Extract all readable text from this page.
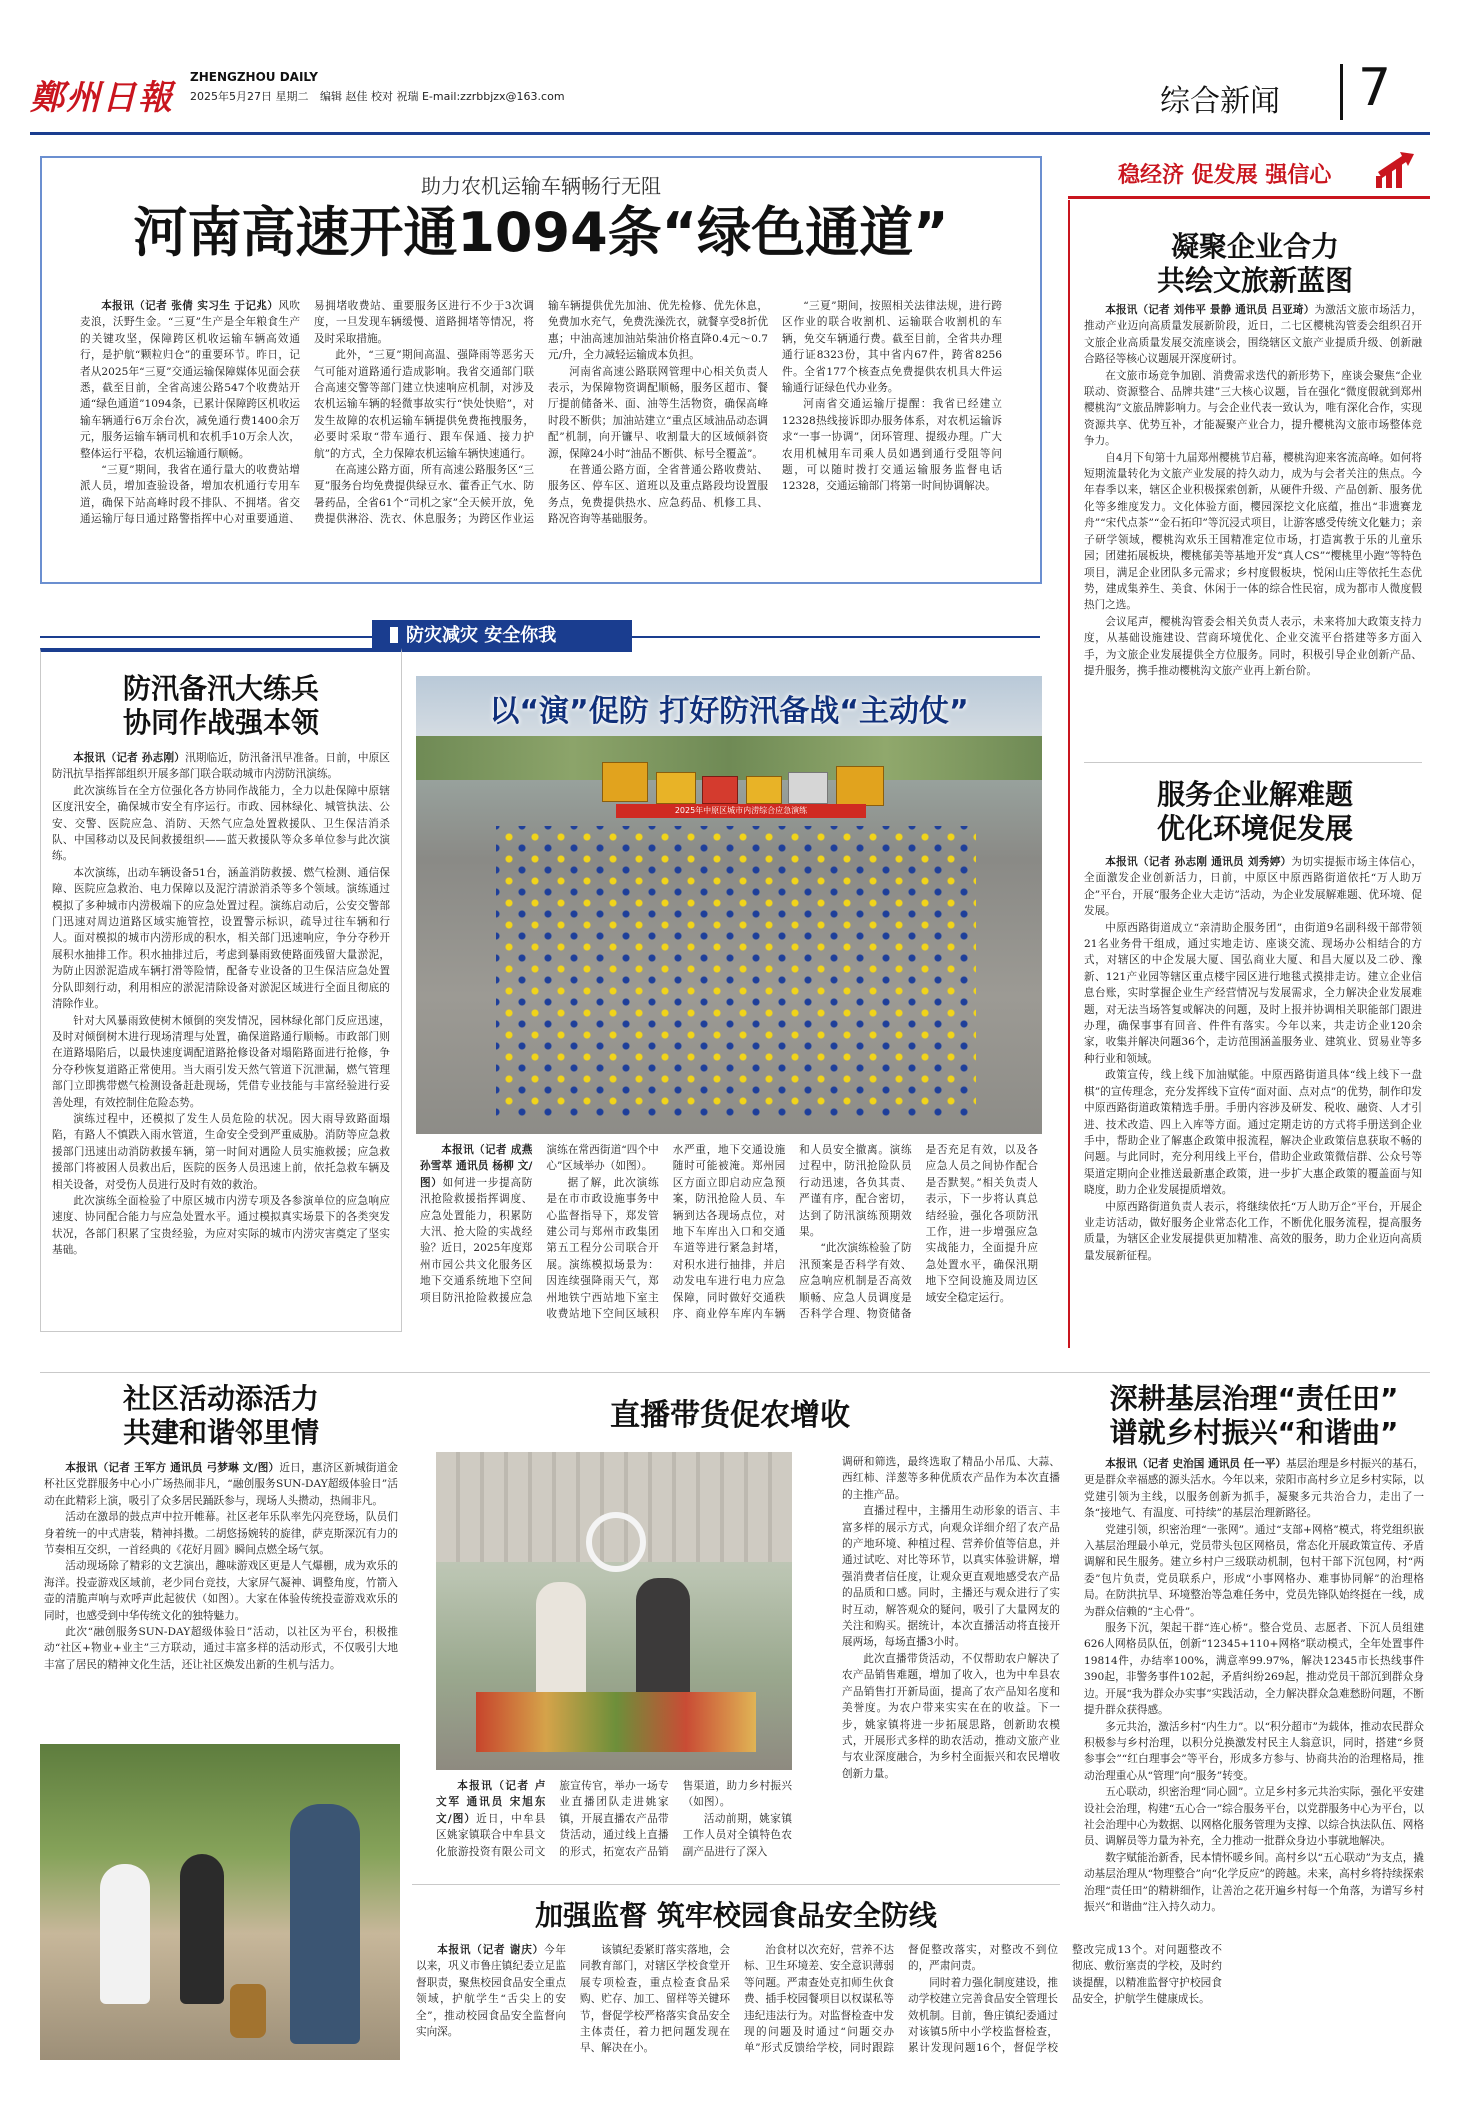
鄭州日報
ZHENGZHOU DAILY
2025年5月27日 星期二 编辑 赵佳 校对 祝瑞 E-mail:zzrbbjzx@163.com	综合新闻 7
助力农机运输车辆畅行无阻
河南高速开通1094条“绿色通道”

本报讯（记者 张倩 实习生 于记兆）风吹麦浪，沃野生金。“三夏”生产是全年粮食生产的关键攻坚，保障跨区机收运输车辆高效通行，是护航“颗粒归仓”的重要环节。昨日，记者从2025年“三夏”交通运输保障媒体见面会获悉，截至目前，全省高速公路547个收费站开通“绿色通道”1094条，已累计保障跨区机收运输车辆通行6万余台次，减免通行费1400余万元，服务运输车辆司机和农机手10万余人次，整体运行平稳，农机运输通行顺畅。

“三夏”期间，我省在通行量大的收费站增派人员，增加查验设备，增加农机通行专用车道，确保下站高峰时段不排队、不拥堵。省交通运输厅每日通过路警指挥中心对重要通道、易拥堵收费站、重要服务区进行不少于3次调度，一旦发现车辆缓慢、道路拥堵等情况，将及时采取措施。

此外，“三夏”期间高温、强降雨等恶劣天气可能对道路通行造成影响。我省交通部门联合高速交警等部门建立快速响应机制，对涉及农机运输车辆的轻微事故实行“快处快赔”，对发生故障的农机运输车辆提供免费拖拽服务，必要时采取“带车通行、跟车保通、接力护航”的方式，全力保障农机运输车辆快速通行。

在高速公路方面，所有高速公路服务区“三夏”服务台均免费提供绿豆水、藿香正气水、防暑药品，全省61个“司机之家”全天候开放，免费提供淋浴、洗衣、休息服务；为跨区作业运输车辆提供优先加油、优先检修、优先休息，免费加水充气，免费洗澡洗衣，就餐享受8折优惠；中油高速加油站柴油价格直降0.4元～0.7元/升，全力减轻运输成本负担。

河南省高速公路联网管理中心相关负责人表示，为保障物资调配顺畅，服务区超市、餐厅提前储备米、面、油等生活物资，确保高峰时段不断供；加油站建立“重点区域油品动态调配”机制，向开镰早、收割量大的区域倾斜资源，保障24小时“油品不断供、标号全覆盖”。

在普通公路方面，全省普通公路收费站、服务区、停车区、道班以及重点路段均设置服务点，免费提供热水、应急药品、机修工具、路况咨询等基础服务。

“三夏”期间，按照相关法律法规，进行跨区作业的联合收割机、运输联合收割机的车辆，免交车辆通行费。截至目前，全省共办理通行证8323份，其中省内67件，跨省8256件。全省177个核查点免费提供农机具大件运输通行证绿色代办业务。

河南省交通运输厅提醒：我省已经建立12328热线接诉即办服务体系，对农机运输诉求“一事一协调”，闭环管理、提级办理。广大农用机械用车司乘人员如遇到通行受阻等问题，可以随时拨打交通运输服务监督电话12328，交通运输部门将第一时间协调解决。

稳经济 促发展 强信心
凝聚企业合力
共绘文旅新蓝图

本报讯（记者 刘伟平 景静 通讯员 吕亚琦）为激活文旅市场活力，推动产业迈向高质量发展新阶段，近日，二七区樱桃沟管委会组织召开文旅企业高质量发展交流座谈会，围绕辖区文旅产业提质升级、创新融合路径等核心议题展开深度研讨。

在文旅市场竞争加剧、消费需求迭代的新形势下，座谈会聚焦“企业联动、资源整合、品牌共建”三大核心议题，旨在强化“微度假就到郑州樱桃沟”文旅品牌影响力。与会企业代表一致认为，唯有深化合作，实现资源共享、优势互补，才能凝聚产业合力，提升樱桃沟文旅市场整体竞争力。

自4月下旬第十九届郑州樱桃节启幕，樱桃沟迎来客流高峰。如何将短期流量转化为文旅产业发展的持久动力，成为与会者关注的焦点。今年春季以来，辖区企业积极探索创新，从硬件升级、产品创新、服务优化等多维度发力。文化体验方面，樱园深挖文化底蕴，推出“非遗赛龙舟”“宋代点茶”“金石拓印”等沉浸式项目，让游客感受传统文化魅力；亲子研学领域，樱桃沟欢乐王国精准定位市场，打造寓教于乐的儿童乐园；团建拓展板块，樱桃郁美等基地开发“真人CS”“樱桃里小跑”等特色项目，满足企业团队多元需求；乡村度假板块，悦闲山庄等依托生态优势，建成集养生、美食、休闲于一体的综合性民宿，成为都市人微度假热门之选。

会议尾声，樱桃沟管委会相关负责人表示，未来将加大政策支持力度，从基础设施建设、营商环境优化、企业交流平台搭建等多方面入手，为文旅企业发展提供全方位服务。同时，积极引导企业创新产品、提升服务，携手推动樱桃沟文旅产业再上新台阶。

服务企业解难题
优化环境促发展

本报讯（记者 孙志刚 通讯员 刘秀婷）为切实提振市场主体信心，全面激发企业创新活力，日前，中原区中原西路街道依托“万人助万企”平台，开展“服务企业大走访”活动，为企业发展解难题、优环境、促发展。

中原西路街道成立“亲清助企服务团”，由街道9名副科级干部带领21名业务骨干组成，通过实地走访、座谈交流、现场办公相结合的方式，对辖区的中企发展大厦、国弘商业大厦、和昌大厦以及二砂、豫新、121产业园等辖区重点楼宇园区进行地毯式摸排走访。建立企业信息台账，实时掌握企业生产经营情况与发展需求，全力解决企业发展难题，对无法当场答复或解决的问题，及时上报并协调相关职能部门跟进办理，确保事事有回音、件件有落实。今年以来，共走访企业120余家，收集并解决问题36个，走访范围涵盖服务业、建筑业、贸易业等多种行业和领域。

政策宣传，线上线下加油赋能。中原西路街道具体“线上线下一盘棋”的宣传理念，充分发挥线下宣传“面对面、点对点”的优势，制作印发中原西路街道政策精选手册。手册内容涉及研发、税收、融资、人才引进、技术改造、四上入库等方面。通过定期走访的方式将手册送到企业手中，帮助企业了解惠企政策申报流程，解决企业政策信息获取不畅的问题。与此同时，充分利用线上平台，借助企业政策微信群、公众号等渠道定期向企业推送最新惠企政策，进一步扩大惠企政策的覆盖面与知晓度，助力企业发展提质增效。

中原西路街道负责人表示，将继续依托“万人助万企”平台，开展企业走访活动，做好服务企业常态化工作，不断优化服务流程，提高服务质量，为辖区企业发展提供更加精准、高效的服务，助力企业迈向高质量发展新征程。

防灾减灾 安全你我
防汛备汛大练兵
协同作战强本领

本报讯（记者 孙志刚）汛期临近，防汛备汛早准备。日前，中原区防汛抗旱指挥部组织开展多部门联合联动城市内涝防汛演练。

此次演练旨在全方位强化各方协同作战能力，全力以赴保障中原辖区度汛安全，确保城市安全有序运行。市政、园林绿化、城管执法、公安、交警、医院应急、消防、天然气应急处置救援队、卫生保洁消杀队、中国移动以及民间救援组织——蓝天救援队等众多单位参与此次演练。

本次演练，出动车辆设备51台，涵盖消防救援、燃气检测、通信保障、医院应急救治、电力保障以及泥泞清淤消杀等多个领域。演练通过模拟了多种城市内涝极端下的应急处置过程。演练启动后，公安交警部门迅速对周边道路区域实施管控，设置警示标识，疏导过往车辆和行人。面对模拟的城市内涝形成的积水，相关部门迅速响应，争分夺秒开展积水抽排工作。积水抽排过后，考虑到暴雨致使路面残留大量淤泥，为防止因淤泥造成车辆打滑等险情，配备专业设备的卫生保洁应急处置分队即刻行动，利用相应的淤泥清除设备对淤泥区域进行全面且彻底的清除作业。

针对大风暴雨致使树木倾倒的突发情况，园林绿化部门反应迅速，及时对倾倒树木进行现场清理与处置，确保道路通行顺畅。市政部门则在道路塌陷后，以最快速度调配道路抢修设备对塌陷路面进行抢修，争分夺秒恢复道路正常使用。当大雨引发天然气管道下沉泄漏，燃气管理部门立即携带燃气检测设备赶赴现场，凭借专业技能与丰富经验进行妥善处理，有效控制住危险态势。

演练过程中，还模拟了发生人员危险的状况。因大雨导致路面塌陷，有路人不慎跌入雨水管道，生命安全受到严重威胁。消防等应急救援部门迅速出动消防救援车辆，第一时间对遇险人员实施救援；应急救援部门将被困人员救出后，医院的医务人员迅速上前，依托急救车辆及相关设备，对受伤人员进行及时有效的救治。

此次演练全面检验了中原区城市内涝专项及各参演单位的应急响应速度、协同配合能力与应急处置水平。通过模拟真实场景下的各类突发状况，各部门积累了宝贵经验，为应对实际的城市内涝灾害奠定了坚实基础。

2025年中原区城市内涝综合应急演练
以“演”促防 打好防汛备战“主动仗”

本报讯（记者 成燕 孙雪萃 通讯员 杨柳 文/图）如何进一步提高防汛抢险救援指挥调度、应急处置能力，积累防大汛、抢大险的实战经验？近日，2025年度郑州市园公共文化服务区地下交通系统地下空间项目防汛抢险救援应急演练在常西街道“四个中心”区域举办（如图）。

据了解，此次演练是在市市政设施事务中心监督指导下，郑发管建公司与郑州市政集团第五工程分公司联合开展。演练模拟场景为：因连续强降雨天气，郑州地铁宁西站地下室主收费站地下空间区域积水严重，地下交通设施随时可能被淹。郑州园区方面立即启动应急预案，防汛抢险人员、车辆到达各现场点位，对地下车库出入口和交通车道等进行紧急封堵，对积水进行抽排，并启动发电车进行电力应急保障，同时做好交通秩序、商业停车库内车辆和人员安全撤离。演练过程中，防汛抢险队员行动迅速，各负其责、严谨有序，配合密切，达到了防汛演练预期效果。

“此次演练检验了防汛预案是否科学有效、应急响应机制是否高效顺畅、应急人员调度是否科学合理、物资储备是否充足有效，以及各应急人员之间协作配合是否默契。”相关负责人表示，下一步将认真总结经验，强化各项防汛工作，进一步增强应急实战能力，全面提升应急处置水平，确保汛期地下空间设施及周边区域安全稳定运行。

社区活动添活力
共建和谐邻里情

本报讯（记者 王军方 通讯员 弓梦琳 文/图）近日，惠济区新城街道金杯社区党群服务中心小广场热闹非凡，“融创服务SUN-DAY超级体验日”活动在此精彩上演，吸引了众多居民踊跃参与，现场人头攒动，热闹非凡。

活动在激昂的鼓点声中拉开帷幕。社区老年乐队率先闪亮登场，队员们身着统一的中式唐装，精神抖擞。二胡悠扬婉转的旋律，萨克斯深沉有力的节奏相互交织，一首经典的《花好月圆》瞬间点燃全场气氛。

活动现场除了精彩的文艺演出，趣味游戏区更是人气爆棚，成为欢乐的海洋。投壶游戏区域前，老少同台竞技，大家屏气凝神、调整角度，竹箭入壶的清脆声响与欢呼声此起彼伏（如图）。大家在体验传统投壶游戏欢乐的同时，也感受到中华传统文化的独特魅力。

此次“融创服务SUN-DAY超级体验日”活动，以社区为平台，积极推动“社区+物业+业主”三方联动，通过丰富多样的活动形式，不仅吸引大地丰富了居民的精神文化生活，还让社区焕发出新的生机与活力。

直播带货促农增收

调研和筛选，最终选取了精品小吊瓜、大蒜、西红柿、洋葱等多种优质农产品作为本次直播的主推产品。

直播过程中，主播用生动形象的语言、丰富多样的展示方式，向观众详细介绍了农产品的产地环境、种植过程、营养价值等信息，并通过试吃、对比等环节，以真实体验讲解，增强消费者信任度，让观众更直观地感受农产品的品质和口感。同时，主播还与观众进行了实时互动，解答观众的疑问，吸引了大量网友的关注和购买。据统计，本次直播活动将直接开展两场，每场直播3小时。

此次直播带货活动，不仅帮助农户解决了农产品销售难题，增加了收入，也为中牟县农产品销售打开新局面，提高了农产品知名度和美誉度。为农户带来实实在在的收益。下一步，姚家镇将进一步拓展思路，创新助农模式，开展形式多样的助农活动，推动文旅产业与农业深度融合，为乡村全面振兴和农民增收创新力量。

本报讯（记者 卢文军 通讯员 宋旭东 文/图）近日，中牟县区姚家镇联合中牟县文化旅游投资有限公司文旅宣传官，举办一场专业直播团队走进姚家镇，开展直播农产品带货活动，通过线上直播的形式，拓宽农产品销售渠道，助力乡村振兴（如图）。

活动前期，姚家镇工作人员对全镇特色农副产品进行了深入

加强监督 筑牢校园食品安全防线

本报讯（记者 谢庆）今年以来，巩义市鲁庄镇纪委立足监督职责，聚焦校园食品安全重点领域，护航学生“舌尖上的安全”，推动校园食品安全监督向实向深。

该镇纪委紧盯落实落地，会同教育部门，对辖区学校食堂开展专项检查，重点检查食品采购、贮存、加工、留样等关键环节，督促学校严格落实食品安全主体责任，着力把问题发现在早、解决在小。

治食材以次充好，营养不达标、卫生环境差、安全意识薄弱等问题。严肃查处克扣师生伙食费、插手校园餐项目以权谋私等违纪违法行为。对监督检查中发现的问题及时通过“问题交办单”形式反馈给学校，同时跟踪督促整改落实，对整改不到位的，严肃问责。

同时着力强化制度建设，推动学校建立完善食品安全管理长效机制。目前，鲁庄镇纪委通过对该镇5所中小学校监督检查，累计发现问题16个，督促学校整改完成13个。对问题整改不彻底、敷衍塞责的学校，及时约谈提醒，以精准监督守护校园食品安全，护航学生健康成长。

深耕基层治理“责任田”
谱就乡村振兴“和谐曲”

本报讯（记者 史治国 通讯员 任一平）基层治理是乡村振兴的基石，更是群众幸福感的源头活水。今年以来，荥阳市高村乡立足乡村实际，以党建引领为主线，以服务创新为抓手，凝聚多元共治合力，走出了一条“接地气、有温度、可持续”的基层治理新路径。

党建引领，织密治理“一张网”。通过“支部+网格”模式，将党组织嵌入基层治理最小单元，党员带头包区网格员，常态化开展政策宣传、矛盾调解和民生服务。建立乡村户三级联动机制，包村干部下沉包网，村“两委”包片负责，党员联系户，形成“小事网格办、难事协同解”的治理格局。在防洪抗旱、环境整治等急难任务中，党员先锋队始终挺在一线，成为群众信赖的“主心骨”。

服务下沉，架起干群“连心桥”。整合党员、志愿者、下沉人员组建626人网格员队伍，创新“12345+110+网格”联动模式，全年处置事件19814件，办结率100%，满意率99.97%，解决12345市长热线事件390起，非警务事件102起，矛盾纠纷269起，推动党员干部沉到群众身边。开展“我为群众办实事”实践活动，全力解决群众急难愁盼问题，不断提升群众获得感。

多元共治，激活乡村“内生力”。以“积分超市”为载体，推动农民群众积极参与乡村治理，以积分兑换激发村民主人翁意识，同时，搭建“乡贤参事会”“红白理事会”等平台，形成多方参与、协商共治的治理格局，推动治理重心从“管理”向“服务”转变。

五心联动，织密治理“同心圆”。立足乡村多元共治实际，强化平安建设社会治理，构建“五心合一”综合服务平台，以党群服务中心为平台，以社会治理中心为数据、以网格化服务管理为支撑、以综合执法队伍、网格员、调解员等力量为补充，全力推动一批群众身边小事就地解决。

数字赋能治新香，民本情怀暖乡间。高村乡以“五心联动”为支点，撬动基层治理从“物理整合”向“化学反应”的跨越。未来，高村乡将持续探索治理“责任田”的精耕细作，让善治之花开遍乡村每一个角落，为谱写乡村振兴“和谐曲”注入持久动力。
